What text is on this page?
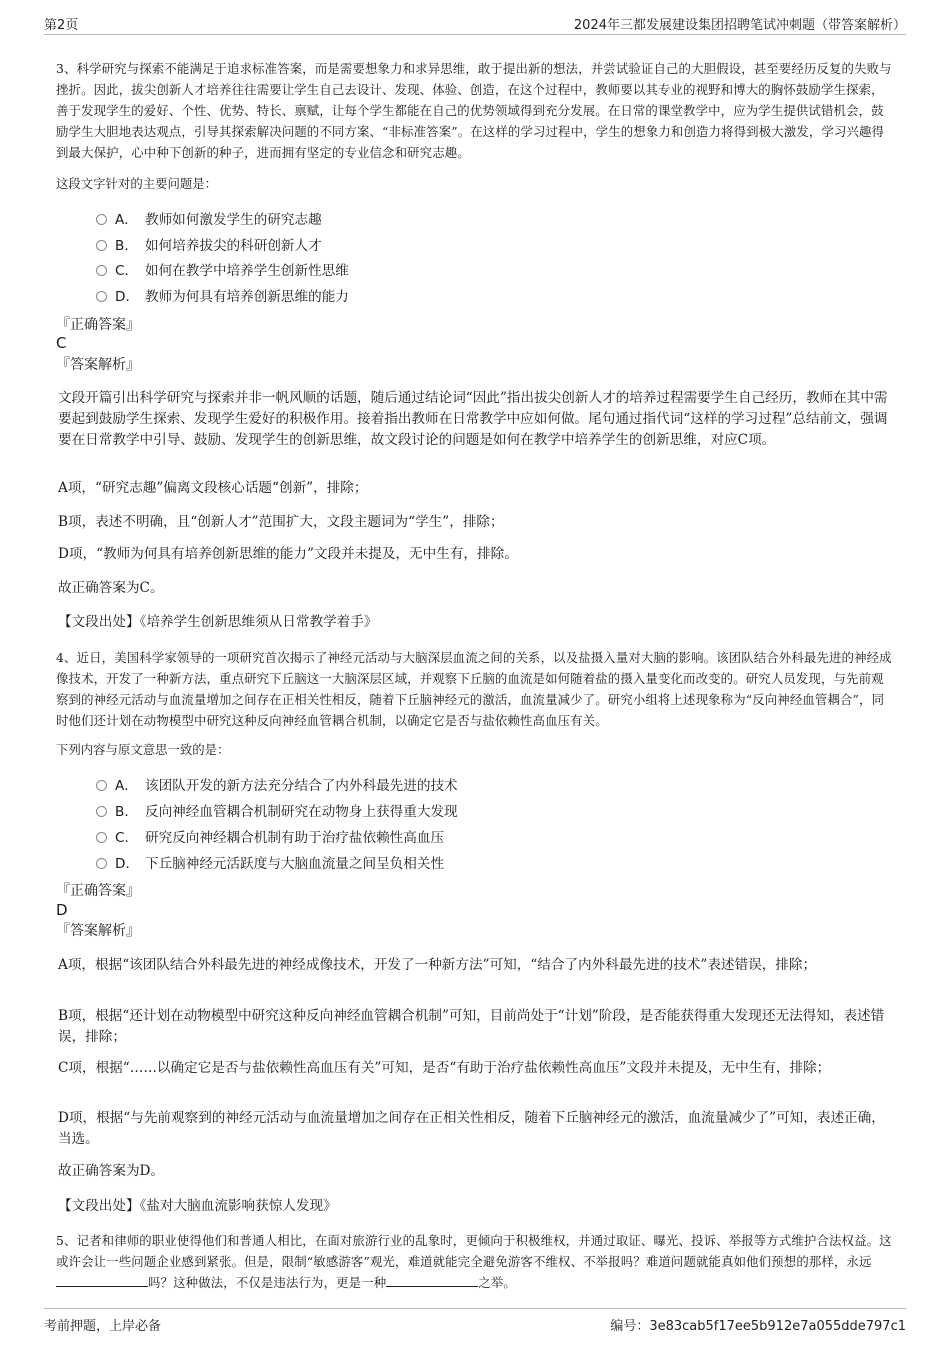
第2页	2024年三都发展建设集团招聘笔试冲刺题（带答案解析）
3、科学研究与探索不能满足于追求标准答案，而是需要想象力和求异思维，敢于提出新的想法，并尝试验证自己的大胆假设，甚至要经历反复的失败与挫折。因此，拔尖创新人才培养往往需要让学生自己去设计、发现、体验、创造，在这个过程中，教师要以其专业的视野和博大的胸怀鼓励学生探索，善于发现学生的爱好、个性、优势、特长、禀赋，让每个学生都能在自己的优势领域得到充分发展。在日常的课堂教学中，应为学生提供试错机会，鼓励学生大胆地表达观点，引导其探索解决问题的不同方案、“非标准答案”。在这样的学习过程中，学生的想象力和创造力将得到极大激发，学习兴趣得到最大保护，心中种下创新的种子，进而拥有坚定的专业信念和研究志趣。
这段文字针对的主要问题是：
A． 教师如何激发学生的研究志趣
B． 如何培养拔尖的科研创新人才
C． 如何在教学中培养学生创新性思维
D． 教师为何具有培养创新思维的能力
『正确答案』
C
『答案解析』
文段开篇引出科学研究与探索并非一帆风顺的话题，随后通过结论词“因此”指出拔尖创新人才的培养过程需要学生自己经历，教师在其中需要起到鼓励学生探索、发现学生爱好的积极作用。接着指出教师在日常教学中应如何做。尾句通过指代词“这样的学习过程”总结前文，强调要在日常教学中引导、鼓励、发现学生的创新思维，故文段讨论的问题是如何在教学中培养学生的创新思维，对应C项。
A项，“研究志趣”偏离文段核心话题“创新”，排除；
B项，表述不明确，且“创新人才”范围扩大，文段主题词为“学生”，排除；
D项，“教师为何具有培养创新思维的能力”文段并未提及，无中生有，排除。
故正确答案为C。
【文段出处】《培养学生创新思维须从日常教学着手》
4、近日，美国科学家领导的一项研究首次揭示了神经元活动与大脑深层血流之间的关系，以及盐摄入量对大脑的影响。该团队结合外科最先进的神经成像技术，开发了一种新方法，重点研究下丘脑这一大脑深层区域，并观察下丘脑的血流是如何随着盐的摄入量变化而改变的。研究人员发现，与先前观察到的神经元活动与血流量增加之间存在正相关性相反，随着下丘脑神经元的激活，血流量减少了。研究小组将上述现象称为“反向神经血管耦合”，同时他们还计划在动物模型中研究这种反向神经血管耦合机制，以确定它是否与盐依赖性高血压有关。
下列内容与原文意思一致的是：
A． 该团队开发的新方法充分结合了内外科最先进的技术
B． 反向神经血管耦合机制研究在动物身上获得重大发现
C． 研究反向神经耦合机制有助于治疗盐依赖性高血压
D． 下丘脑神经元活跃度与大脑血流量之间呈负相关性
『正确答案』
D
『答案解析』
A项，根据“该团队结合外科最先进的神经成像技术，开发了一种新方法”可知，“结合了内外科最先进的技术”表述错误，排除；
B项，根据“还计划在动物模型中研究这种反向神经血管耦合机制”可知，目前尚处于“计划”阶段，是否能获得重大发现还无法得知，表述错误，排除；
C项，根据“……以确定它是否与盐依赖性高血压有关”可知，是否“有助于治疗盐依赖性高血压”文段并未提及，无中生有，排除；
D项，根据“与先前观察到的神经元活动与血流量增加之间存在正相关性相反，随着下丘脑神经元的激活，血流量减少了”可知，表述正确，当选。
故正确答案为D。
【文段出处】《盐对大脑血流影响获惊人发现》
5、记者和律师的职业使得他们和普通人相比，在面对旅游行业的乱象时，更倾向于积极维权，并通过取证、曝光、投诉、举报等方式维护合法权益。这或许会让一些问题企业感到紧张。但是，限制“敏感游客”观光，难道就能完全避免游客不维权、不举报吗？难道问题就能真如他们预想的那样，永远吗？这种做法，不仅是违法行为，更是一种	之举。
考前押题，上岸必备	编号：3e83cab5f17ee5b912e7a055dde797c1
